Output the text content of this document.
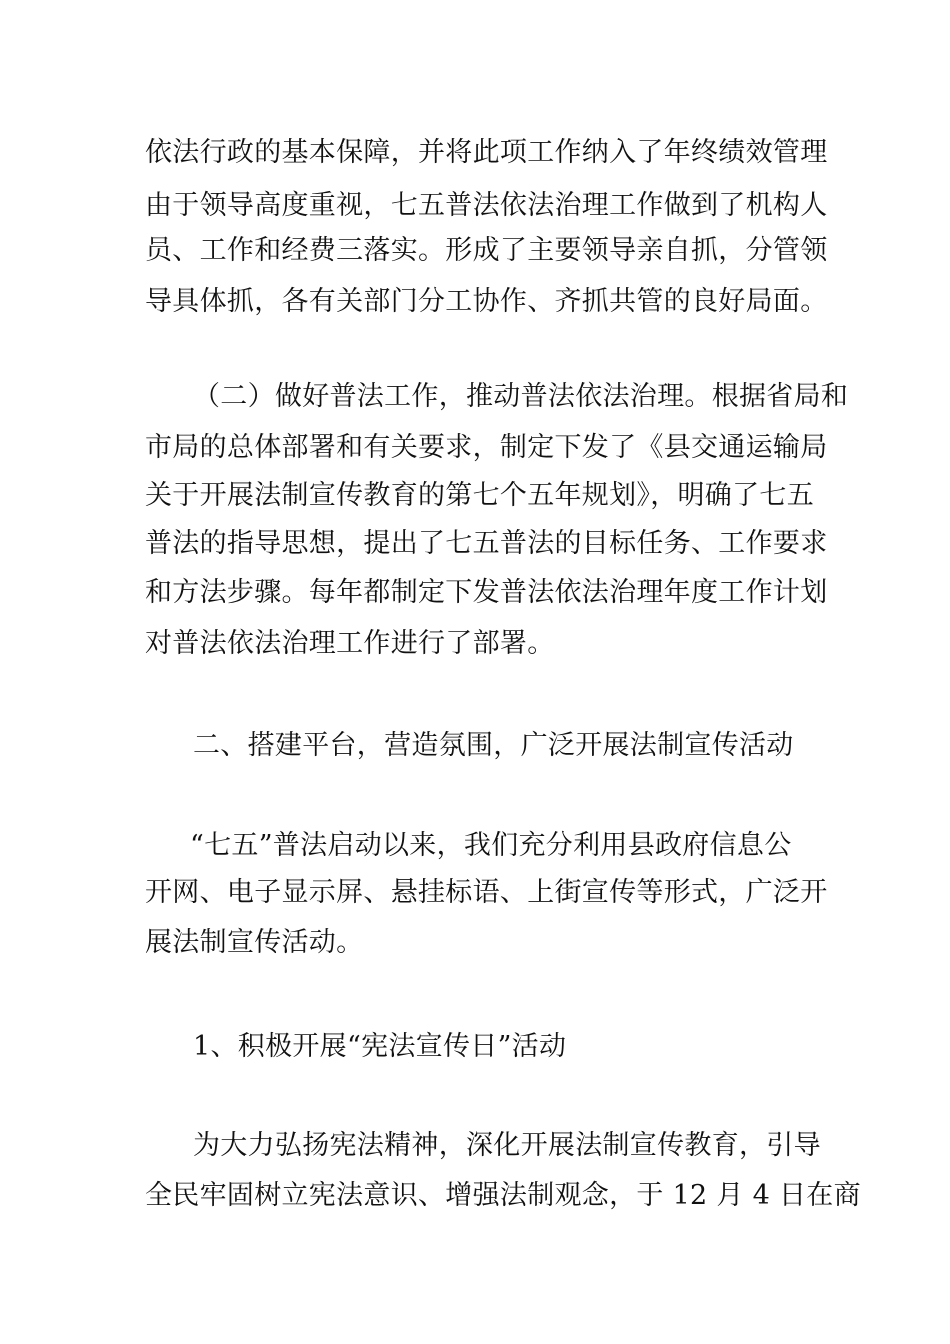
依法行政的基本保障，并将此项工作纳入了年终绩效管理
由于领导高度重视，七五普法依法治理工作做到了机构人
员、工作和经费三落实。形成了主要领导亲自抓，分管领
导具体抓，各有关部门分工协作、齐抓共管的良好局面。
（二）做好普法工作，推动普法依法治理。根据省局和
市局的总体部署和有关要求，制定下发了《县交通运输局
关于开展法制宣传教育的第七个五年规划》，明确了七五
普法的指导思想，提出了七五普法的目标任务、工作要求
和方法步骤。每年都制定下发普法依法治理年度工作计划
对普法依法治理工作进行了部署。
二、搭建平台，营造氛围，广泛开展法制宣传活动
“七五”普法启动以来，我们充分利用县政府信息公
开网、电子显示屏、悬挂标语、上街宣传等形式，广泛开
展法制宣传活动。
1、积极开展“宪法宣传日”活动
为大力弘扬宪法精神，深化开展法制宣传教育，引导
全民牢固树立宪法意识、增强法制观念，于 12 月 4 日在商
